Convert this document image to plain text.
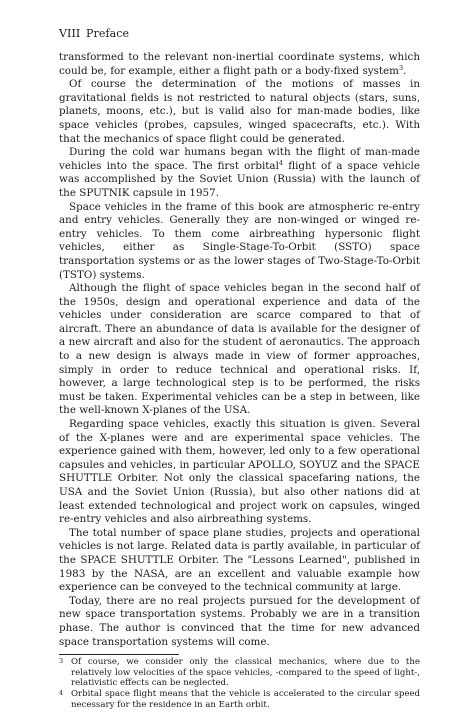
VIII Preface

transformed to the relevant non-inertial coordinate systems, which could be, for example, either a flight path or a body-fixed system$^3$.

Of course the determination of the motions of masses in gravitational fields is not restricted to natural objects (stars, suns, planets, moons, etc.), but is valid also for man-made bodies, like space vehicles (probes, capsules, winged spacecrafts, etc.). With that the mechanics of space flight could be generated.

During the cold war humans began with the flight of man-made vehicles into the space. The first orbital$^4$ flight of a space vehicle was accomplished by the Soviet Union (Russia) with the launch of the SPUTNIK capsule in 1957.

Space vehicles in the frame of this book are atmospheric re-entry and entry vehicles. Generally they are non-winged or winged re-entry vehicles. To them come airbreathing hypersonic flight vehicles, either as Single-Stage-To-Orbit (SSTO) space transportation systems or as the lower stages of Two-Stage-To-Orbit (TSTO) systems.

Although the flight of space vehicles began in the second half of the 1950s, design and operational experience and data of the vehicles under consideration are scarce compared to that of aircraft. There an abundance of data is available for the designer of a new aircraft and also for the student of aeronautics. The approach to a new design is always made in view of former approaches, simply in order to reduce technical and operational risks. If, however, a large technological step is to be performed, the risks must be taken. Experimental vehicles can be a step in between, like the well-known X-planes of the USA.

Regarding space vehicles, exactly this situation is given. Several of the X-planes were and are experimental space vehicles. The experience gained with them, however, led only to a few operational capsules and vehicles, in particular APOLLO, SOYUZ and the SPACE SHUTTLE Orbiter. Not only the classical spacefaring nations, the USA and the Soviet Union (Russia), but also other nations did at least extended technological and project work on capsules, winged re-entry vehicles and also airbreathing systems.

The total number of space plane studies, projects and operational vehicles is not large. Related data is partly available, in particular of the SPACE SHUTTLE Orbiter. The "Lessons Learned", published in 1983 by the NASA, are an excellent and valuable example how experience can be conveyed to the technical community at large.

Today, there are no real projects pursued for the development of new space transportation systems. Probably we are in a transition phase. The author is convinced that the time for new advanced space transportation systems will come.

3 Of course, we consider only the classical mechanics, where due to the relatively low velocities of the space vehicles, -compared to the speed of light-, relativistic effects can be neglected.
4 Orbital space flight means that the vehicle is accelerated to the circular speed necessary for the residence in an Earth orbit.
